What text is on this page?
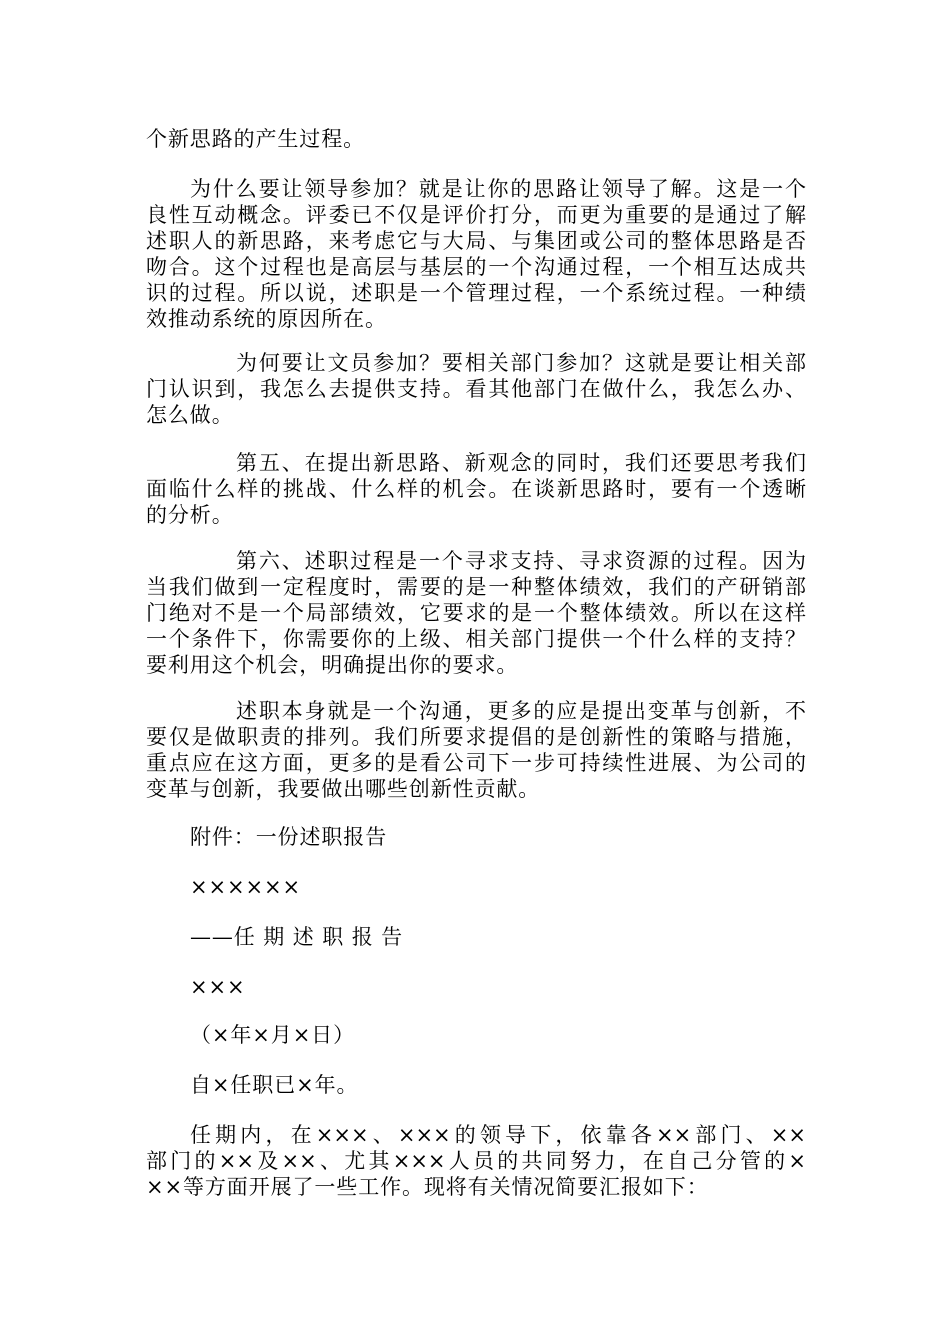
个新思路的产生过程。
为什么要让领导参加？就是让你的思路让领导了解。这是一个
良性互动概念。评委已不仅是评价打分，而更为重要的是通过了解
述职人的新思路，来考虑它与大局、与集团或公司的整体思路是否
吻合。这个过程也是高层与基层的一个沟通过程，一个相互达成共
识的过程。所以说，述职是一个管理过程，一个系统过程。一种绩
效推动系统的原因所在。
为何要让文员参加？要相关部门参加？这就是要让相关部
门认识到，我怎么去提供支持。看其他部门在做什么，我怎么办、
怎么做。
第五、在提出新思路、新观念的同时，我们还要思考我们
面临什么样的挑战、什么样的机会。在谈新思路时，要有一个透晰
的分析。
第六、述职过程是一个寻求支持、寻求资源的过程。因为
当我们做到一定程度时，需要的是一种整体绩效，我们的产研销部
门绝对不是一个局部绩效，它要求的是一个整体绩效。所以在这样
一个条件下，你需要你的上级、相关部门提供一个什么样的支持？
要利用这个机会，明确提出你的要求。
述职本身就是一个沟通，更多的应是提出变革与创新，不
要仅是做职责的排列。我们所要求提倡的是创新性的策略与措施，
重点应在这方面，更多的是看公司下一步可持续性进展、为公司的
变革与创新，我要做出哪些创新性贡献。
附件：一份述职报告
××××××
——任 期 述 职 报 告
×××
（×年×月×日）
自×任职已×年。
任期内，在×××、×××的领导下，依靠各××部门、××
部门的××及××、尤其×××人员的共同努力，在自己分管的×
××等方面开展了一些工作。现将有关情况简要汇报如下：
